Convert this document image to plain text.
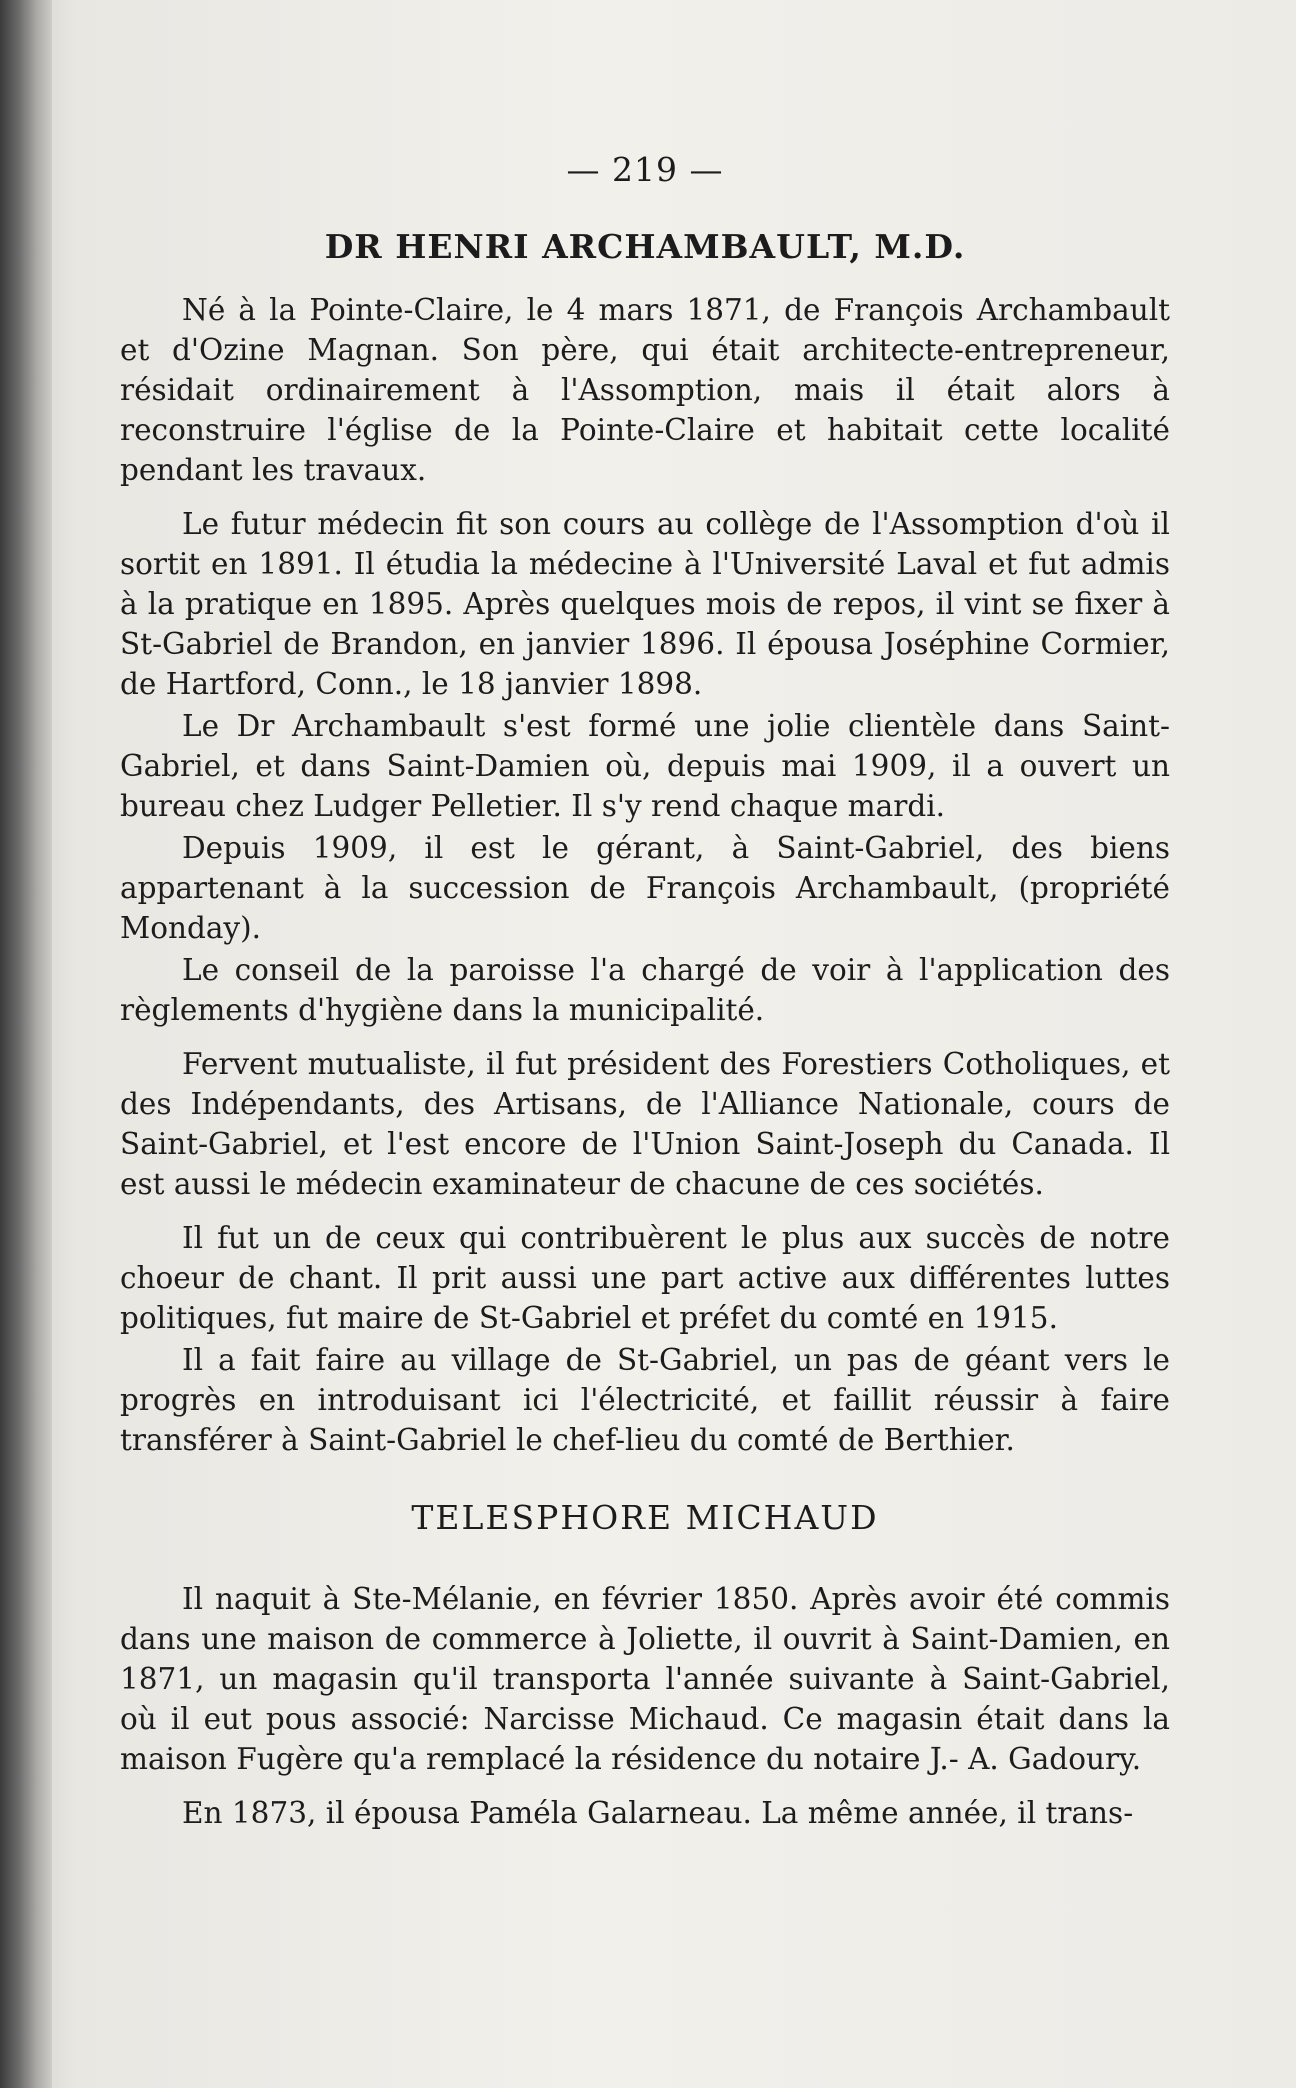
— 219 —
DR HENRI ARCHAMBAULT, M.D.

Né à la Pointe-Claire, le 4 mars 1871, de François Archambault et d'Ozine Magnan. Son père, qui était architecte-entrepreneur, résidait ordinairement à l'Assomption, mais il était alors à reconstruire l'église de la Pointe-Claire et habitait cette localité pendant les travaux.

Le futur médecin fit son cours au collège de l'Assomption d'où il sortit en 1891. Il étudia la médecine à l'Université Laval et fut admis à la pratique en 1895. Après quelques mois de repos, il vint se fixer à St-Gabriel de Brandon, en janvier 1896. Il épousa Joséphine Cormier, de Hartford, Conn., le 18 janvier 1898.

Le Dr Archambault s'est formé une jolie clientèle dans Saint-Gabriel, et dans Saint-Damien où, depuis mai 1909, il a ouvert un bureau chez Ludger Pelletier. Il s'y rend chaque mardi.

Depuis 1909, il est le gérant, à Saint-Gabriel, des biens appartenant à la succession de François Archambault, (propriété Monday).

Le conseil de la paroisse l'a chargé de voir à l'application des règlements d'hygiène dans la municipalité.

Fervent mutualiste, il fut président des Forestiers Cotholiques, et des Indépendants, des Artisans, de l'Alliance Nationale, cours de Saint-Gabriel, et l'est encore de l'Union Saint-Joseph du Canada. Il est aussi le médecin examinateur de chacune de ces sociétés.

Il fut un de ceux qui contribuèrent le plus aux succès de notre choeur de chant. Il prit aussi une part active aux différentes luttes politiques, fut maire de St-Gabriel et préfet du comté en 1915.

Il a fait faire au village de St-Gabriel, un pas de géant vers le progrès en introduisant ici l'électricité, et faillit réussir à faire transférer à Saint-Gabriel le chef-lieu du comté de Berthier.

TELESPHORE MICHAUD

Il naquit à Ste-Mélanie, en février 1850. Après avoir été commis dans une maison de commerce à Joliette, il ouvrit à Saint-Damien, en 1871, un magasin qu'il transporta l'année suivante à Saint-Gabriel, où il eut pous associé: Narcisse Michaud. Ce magasin était dans la maison Fugère qu'a remplacé la résidence du notaire J.- A. Gadoury.

En 1873, il épousa Paméla Galarneau. La même année, il trans-
